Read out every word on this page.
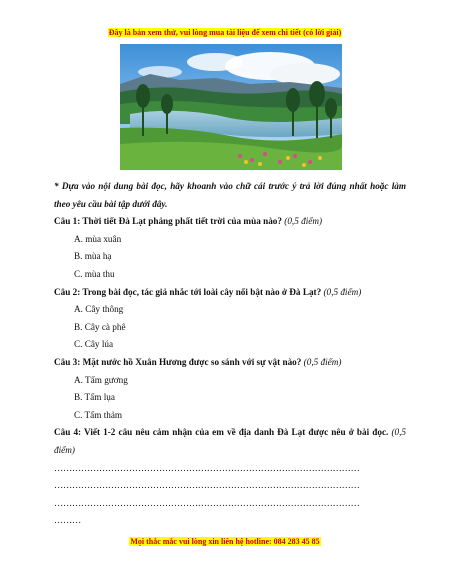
Đây là bản xem thử, vui lòng mua tài liệu để xem chi tiết (có lời giải)
* Dựa vào nội dung bài đọc, hãy khoanh vào chữ cái trước ý trả lời đúng nhất hoặc làm theo yêu cầu bài tập dưới đây.
Câu 1: Thời tiết Đà Lạt phảng phất tiết trời của mùa nào? (0,5 điểm)
A. mùa xuân
B. mùa hạ
C. mùa thu
Câu 2: Trong bài đọc, tác giả nhắc tới loài cây nổi bật nào ở Đà Lạt? (0,5 điểm)
A. Cây thông
B. Cây cà phê
C. Cây lúa
Câu 3: Mặt nước hồ Xuân Hương được so sánh với sự vật nào? (0,5 điểm)
A. Tấm gương
B. Tấm lụa
C. Tấm thảm
Câu 4: Viết 1-2 câu nêu cảm nhận của em về địa danh Đà Lạt được nêu ở bài đọc. (0,5 điểm)
…………………………………………………………………………………………
…………………………………………………………………………………………
…………………………………………………………………………………………
………
Mọi thắc mắc vui lòng xin liên hệ hotline: 084 283 45 85
